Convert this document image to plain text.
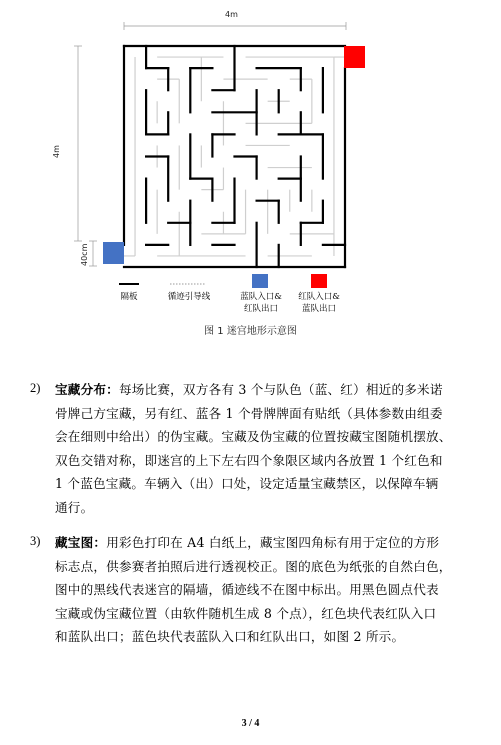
4m
4m
40cm
隔板	循迹引导线	蓝队入口&
红队出口
红队入口&
蓝队出口
图 1 迷宫地形示意图
2) 宝藏分布：每场比赛，双方各有 3 个与队色（蓝、红）相近的多米诺
骨牌己方宝藏，另有红、蓝各 1 个骨牌牌面有贴纸（具体参数由组委
会在细则中给出）的伪宝藏。宝藏及伪宝藏的位置按藏宝图随机摆放、
双色交错对称，即迷宫的上下左右四个象限区域内各放置 1 个红色和
1 个蓝色宝藏。车辆入（出）口处，设定适量宝藏禁区，以保障车辆
通行。
3) 藏宝图：用彩色打印在 A4 白纸上，藏宝图四角标有用于定位的方形
标志点，供参赛者拍照后进行透视校正。图的底色为纸张的自然白色，
图中的黑线代表迷宫的隔墙，循迹线不在图中标出。用黑色圆点代表
宝藏或伪宝藏位置（由软件随机生成 8 个点），红色块代表红队入口
和蓝队出口；蓝色块代表蓝队入口和红队出口，如图 2 所示。
3 / 4
